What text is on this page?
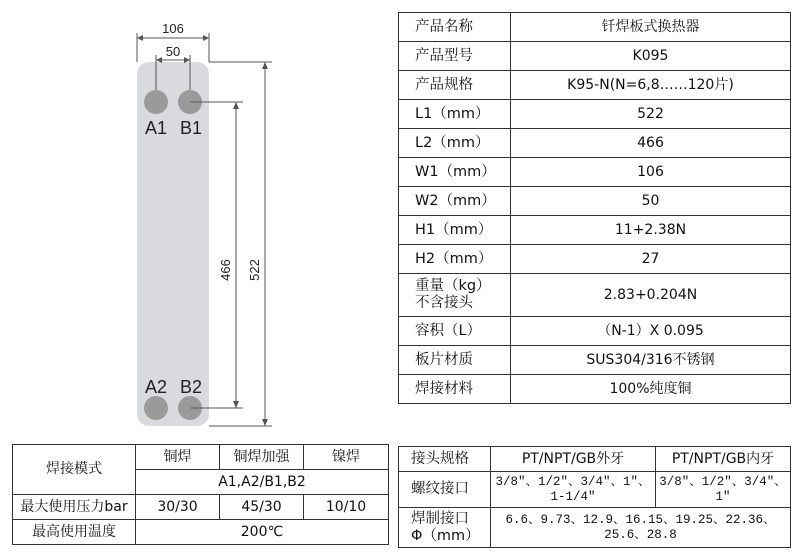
106
50
A1 B1
A2 B2
466 522
产品名称	钎焊板式换热器
产品型号	K095
产品规格	K95-N(N=6,8……120片)
L1（mm）	522
L2（mm）	466
W1（mm）	106
W2（mm）	50
H1（mm）	11+2.38N
H2（mm）	27

重量（kg）
不含接头	2.83+0.204N
容积（L）	（N-1）X 0.095
板片材质	SUS304/316不锈钢
焊接材料	100%纯度铜
焊接模式	铜焊	铜焊加强	镍焊
	A1,A2/B1,B2		
最大使用压力bar	30/30	45/30	10/10
最高使用温度	200℃		
接头规格	PT/NPT/GB外牙	PT/NPT/GB内牙
螺纹接口	3/8"、1/2"、3/4"、1"、1-1/4"	3/8"、1/2"、3/4"、1"

焊制接口
Φ（mm）	6.6、9.73、12.9、16.15、19.25、22.36、25.6、28.8	
